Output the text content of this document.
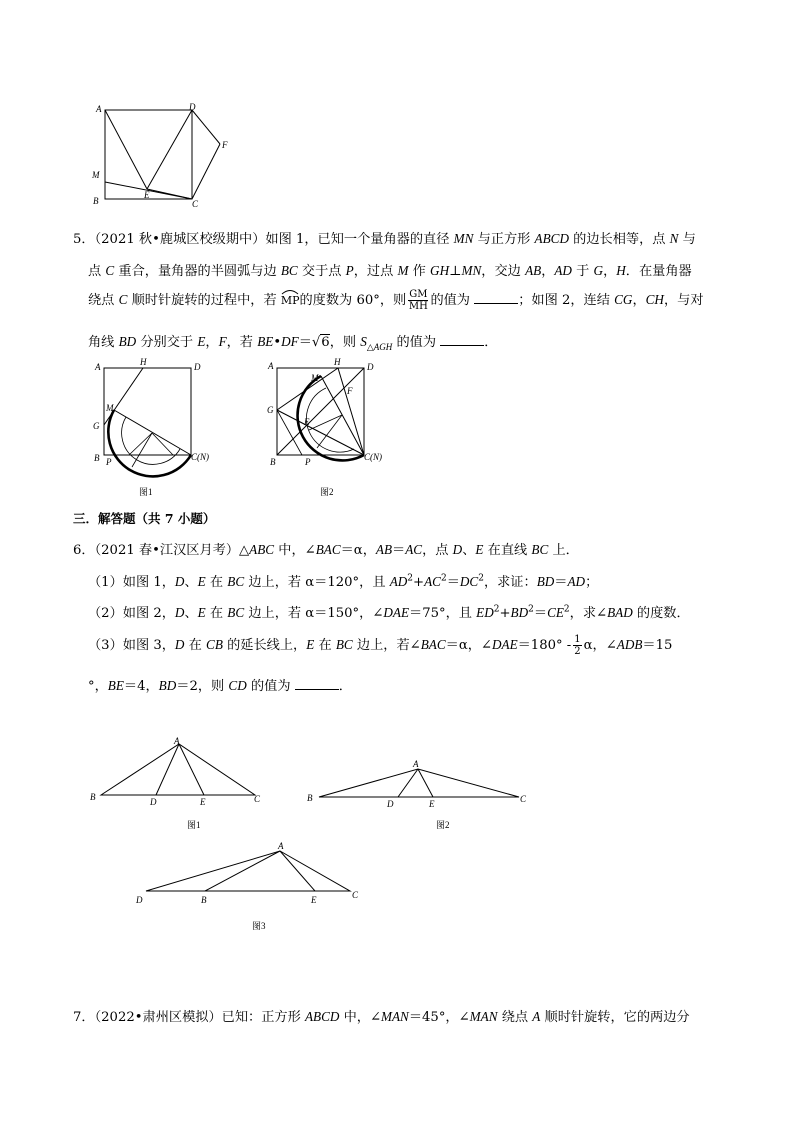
A	D
F
M
E
B	C
5．（2021 秋•鹿城区校级期中）如图 1，已知一个量角器的直径 MN 与正方形 ABCD 的边长相等，点 N 与
点 C 重合，量角器的半圆弧与边 BC 交于点 P，过点 M 作 GH⊥MN，交边 AB，AD 于 G，H．在量角器
绕点 C 顺时针旋转的过程中，若
MP的度数为 60°，则 $\frac{GM}{MH}$ 的值为	；如图 2，连结 CG，CH，与对
角线 BD 分别交于 E，F，若 BE•DF＝√6，则 $S_{\triangle AGH}$ 的值为	．
A	H	D
M
G
B P	C(N)
图1
A	H	D
M
F
G
E
B	P	C(N)
图2
三．解答题（共 7 小题）
6．（2021 春•江汉区月考）△ABC 中，∠BAC＝α，AB＝AC，点 D、E 在直线 BC 上．
（1）如图 1，D、E 在 BC 边上，若 α＝120°，且 $AD^2+AC^2=DC^2$，求证：BD＝AD；
（2）如图 2，D、E 在 BC 边上，若 α＝150°，∠DAE＝75°，且 $ED^2+BD^2=CE^2$，求∠BAD 的度数．
（3）如图 3，D 在 CB 的延长线上，E 在 BC 边上，若∠BAC＝α，∠DAE＝180° - $\frac{1}{2}$ α，∠ADB＝15
°，BE＝4，BD＝2，则 CD 的值为	．
A
B	D	E	C
图1
A
B
D	E	C
图2
A
D	B	E	C
图3
7．（2022•肃州区模拟）已知：正方形 ABCD 中，∠MAN＝45°，∠MAN 绕点 A 顺时针旋转，它的两边分
